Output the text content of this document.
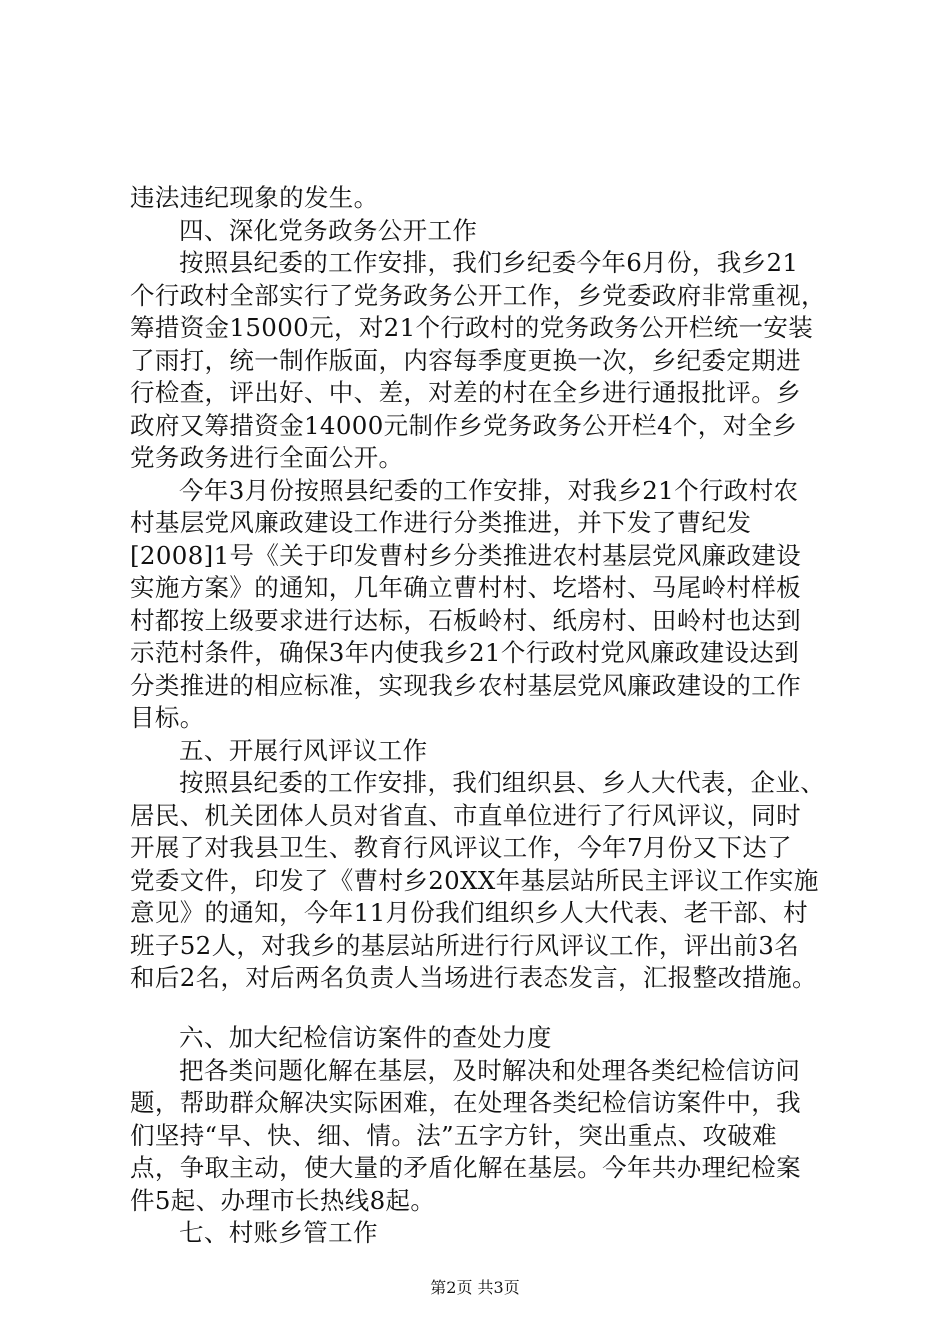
违法违纪现象的发生。
四、深化党务政务公开工作
按照县纪委的工作安排，我们乡纪委今年6月份，我乡21
个行政村全部实行了党务政务公开工作，乡党委政府非常重视，
筹措资金15000元，对21个行政村的党务政务公开栏统一安装
了雨打，统一制作版面，内容每季度更换一次，乡纪委定期进
行检查，评出好、中、差，对差的村在全乡进行通报批评。乡
政府又筹措资金14000元制作乡党务政务公开栏4个，对全乡
党务政务进行全面公开。
今年3月份按照县纪委的工作安排，对我乡21个行政村农
村基层党风廉政建设工作进行分类推进，并下发了曹纪发
[2008]1号《关于印发曹村乡分类推进农村基层党风廉政建设
实施方案》的通知，几年确立曹村村、圪塔村、马尾岭村样板
村都按上级要求进行达标，石板岭村、纸房村、田岭村也达到
示范村条件，确保3年内使我乡21个行政村党风廉政建设达到
分类推进的相应标准，实现我乡农村基层党风廉政建设的工作
目标。
五、开展行风评议工作
按照县纪委的工作安排，我们组织县、乡人大代表，企业、
居民、机关团体人员对省直、市直单位进行了行风评议，同时
开展了对我县卫生、教育行风评议工作，今年7月份又下达了
党委文件，印发了《曹村乡20XX年基层站所民主评议工作实施
意见》的通知，今年11月份我们组织乡人大代表、老干部、村
班子52人，对我乡的基层站所进行行风评议工作，评出前3名
和后2名，对后两名负责人当场进行表态发言，汇报整改措施。
六、加大纪检信访案件的查处力度
把各类问题化解在基层，及时解决和处理各类纪检信访问
题，帮助群众解决实际困难，在处理各类纪检信访案件中，我
们坚持“早、快、细、情。法”五字方针，突出重点、攻破难
点，争取主动，使大量的矛盾化解在基层。今年共办理纪检案
件5起、办理市长热线8起。
七、村账乡管工作
第2页 共3页
